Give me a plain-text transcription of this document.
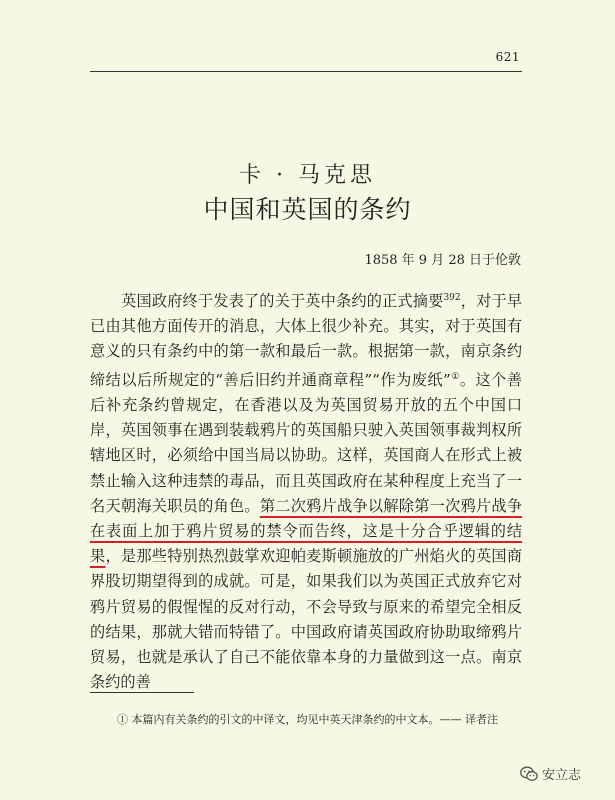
621
卡 · 马克思
中国和英国的条约
1858 年 9 月 28 日于伦敦

英国政府终于发表了的关于英中条约的正式摘要$^{392}$，对于早已由其他方面传开的消息，大体上很少补充。其实，对于英国有意义的只有条约中的第一款和最后一款。根据第一款，南京条约缔结以后所规定的“善后旧约并通商章程”“作为废纸”①。这个善后补充条约曾规定，在香港以及为英国贸易开放的五个中国口岸，英国领事在遇到装载鸦片的英国船只驶入英国领事裁判权所辖地区时，必须给中国当局以协助。这样，英国商人在形式上被禁止输入这种违禁的毒品，而且英国政府在某种程度上充当了一名天朝海关职员的角色。第二次鸦片战争以解除第一次鸦片战争在表面上加于鸦片贸易的禁令而告终，这是十分合乎逻辑的结果，是那些特别热烈鼓掌欢迎帕麦斯顿施放的广州焰火的英国商界股切期望得到的成就。可是，如果我们以为英国正式放弃它对鸦片贸易的假惺惺的反对行动，不会导致与原来的希望完全相反的结果，那就大错而特错了。中国政府请英国政府协助取缔鸦片贸易，也就是承认了自己不能依靠本身的力量做到这一点。南京条约的善

① 本篇内有关条约的引文的中译文，均见中英天津条约的中文本。—— 译者注
安立志
